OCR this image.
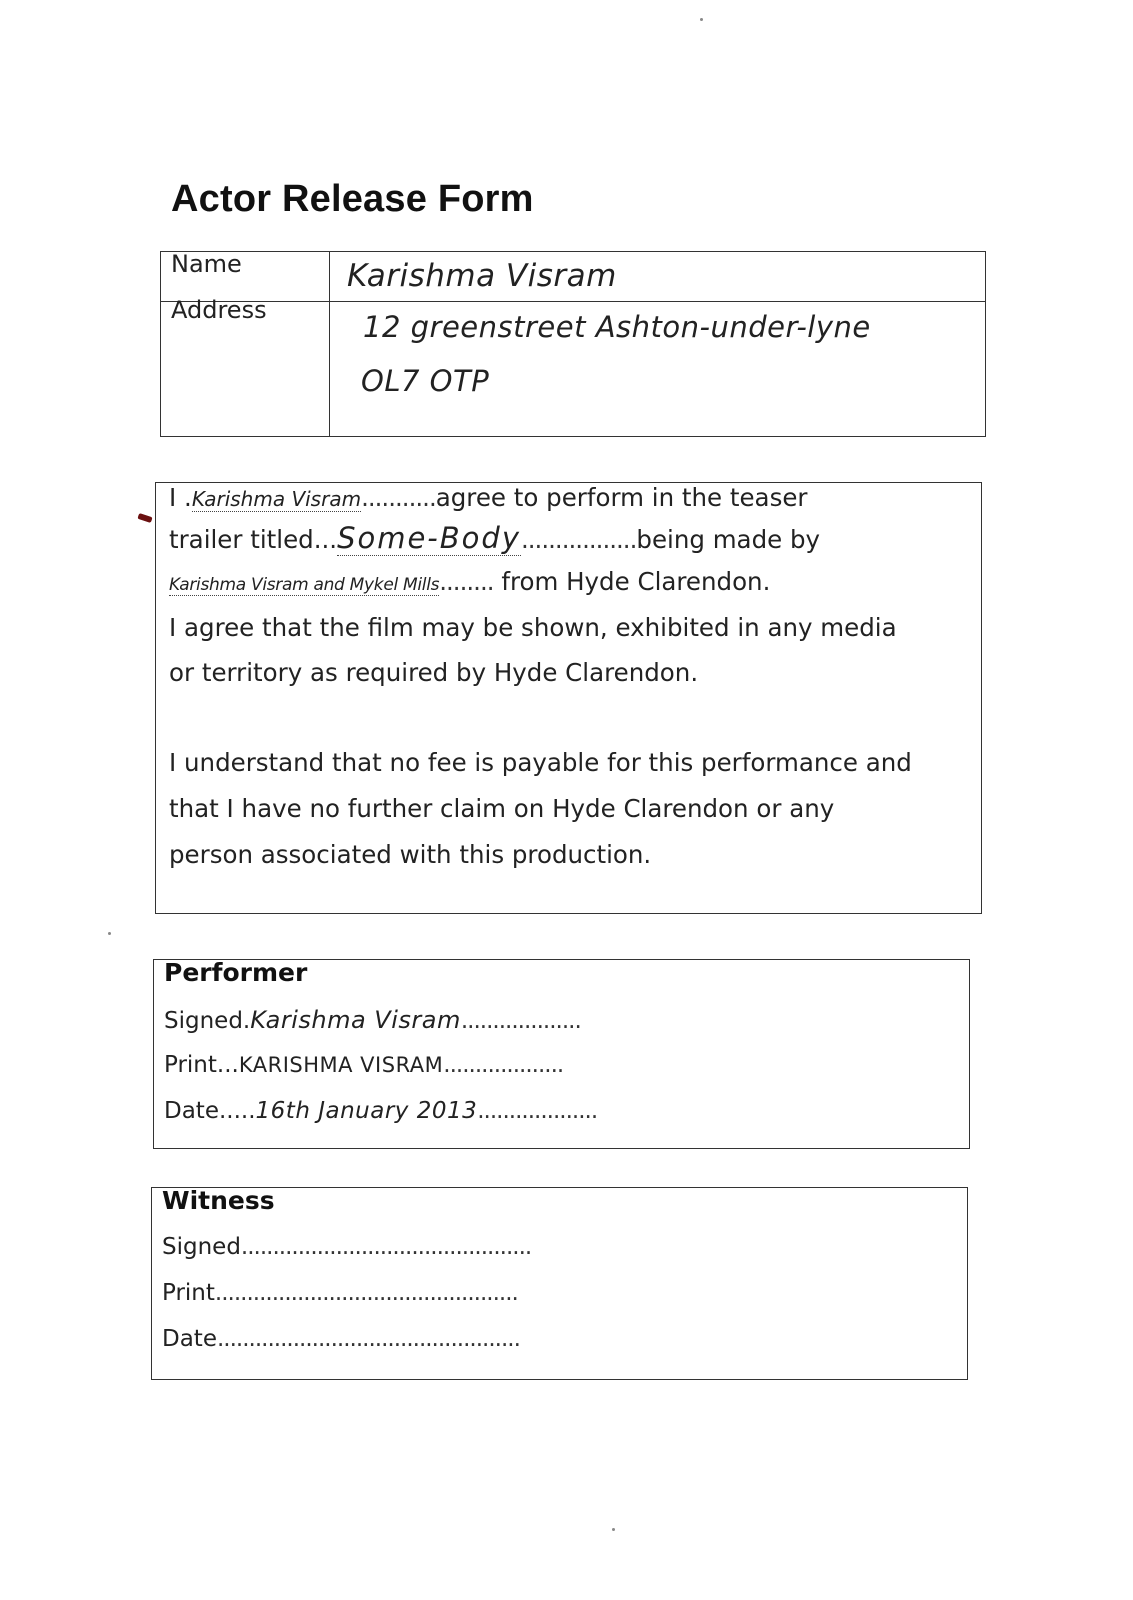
Actor Release Form
Name	Karishma Visram
Address	12 greenstreet Ashton-under-lyne
OL7 OTP
I .Karishma Visram...........agree to perform in the teaser
trailer titled...Some-Body.................being made by
Karishma Visram and Mykel Mills........ from Hyde Clarendon.
I agree that the film may be shown, exhibited in any media
or territory as required by Hyde Clarendon.
I understand that no fee is payable for this performance and
that I have no further claim on Hyde Clarendon or any
person associated with this production.
Performer
Signed.Karishma Visram...................
Print...KARISHMA VISRAM...................
Date.....16th January 2013...................
Witness
Signed..............................................
Print................................................
Date................................................
